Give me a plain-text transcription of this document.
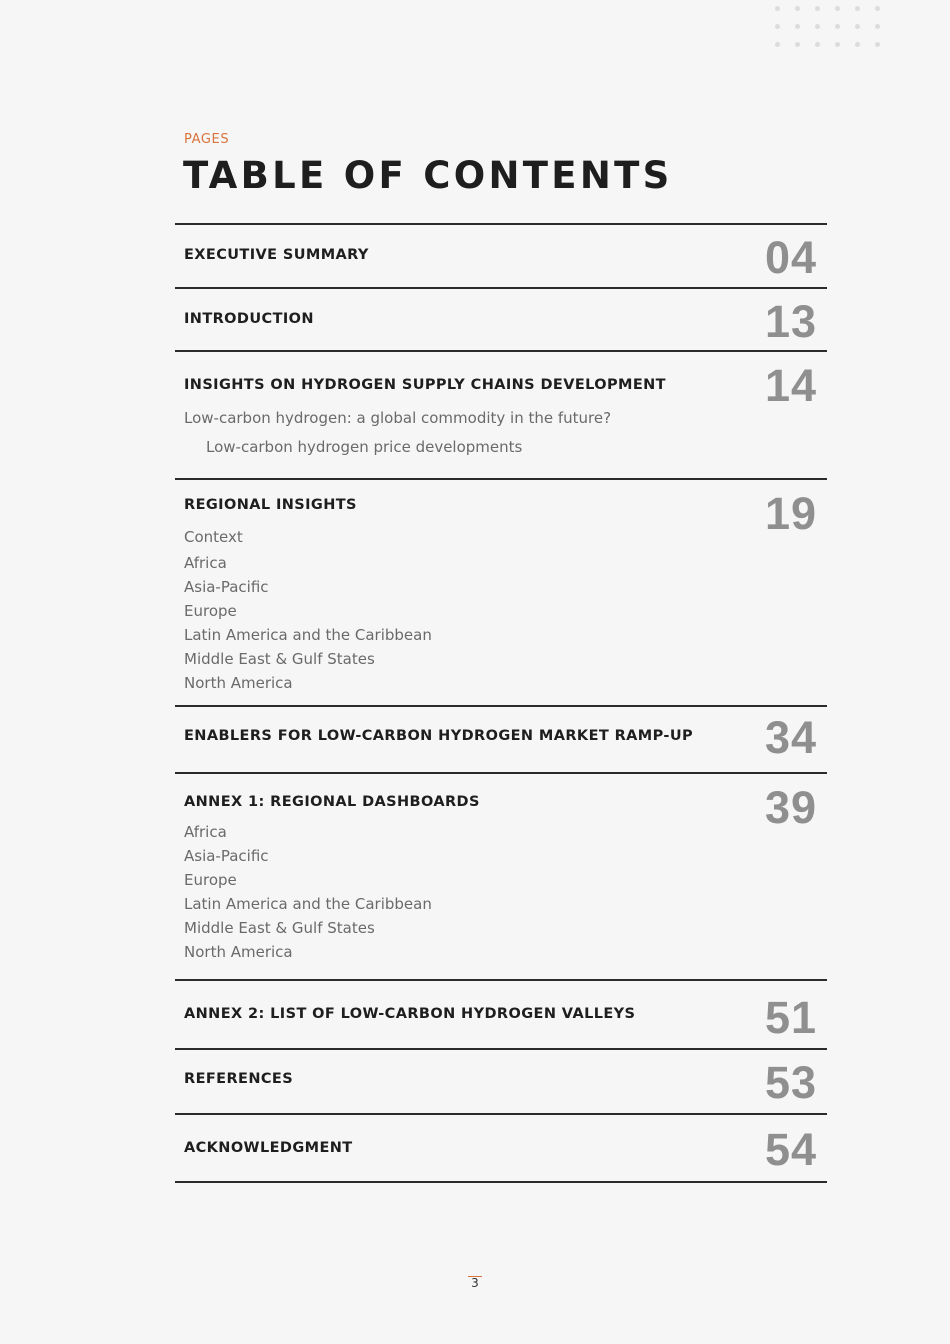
PAGES
TABLE OF CONTENTS
EXECUTIVE SUMMARY	04
INTRODUCTION	13
INSIGHTS ON HYDROGEN SUPPLY CHAINS DEVELOPMENT 14
Low-carbon hydrogen: a global commodity in the future?
Low-carbon hydrogen price developments
REGIONAL INSIGHTS	19
Context
Africa
Asia-Pacific
Europe
Latin America and the Caribbean
Middle East & Gulf States
North America
ENABLERS FOR LOW-CARBON HYDROGEN MARKET RAMP-UP 34
ANNEX 1: REGIONAL DASHBOARDS	39
Africa
Asia-Pacific
Europe
Latin America and the Caribbean
Middle East & Gulf States
North America
ANNEX 2: LIST OF LOW-CARBON HYDROGEN VALLEYS	51
REFERENCES	53
ACKNOWLEDGMENT	54
3
